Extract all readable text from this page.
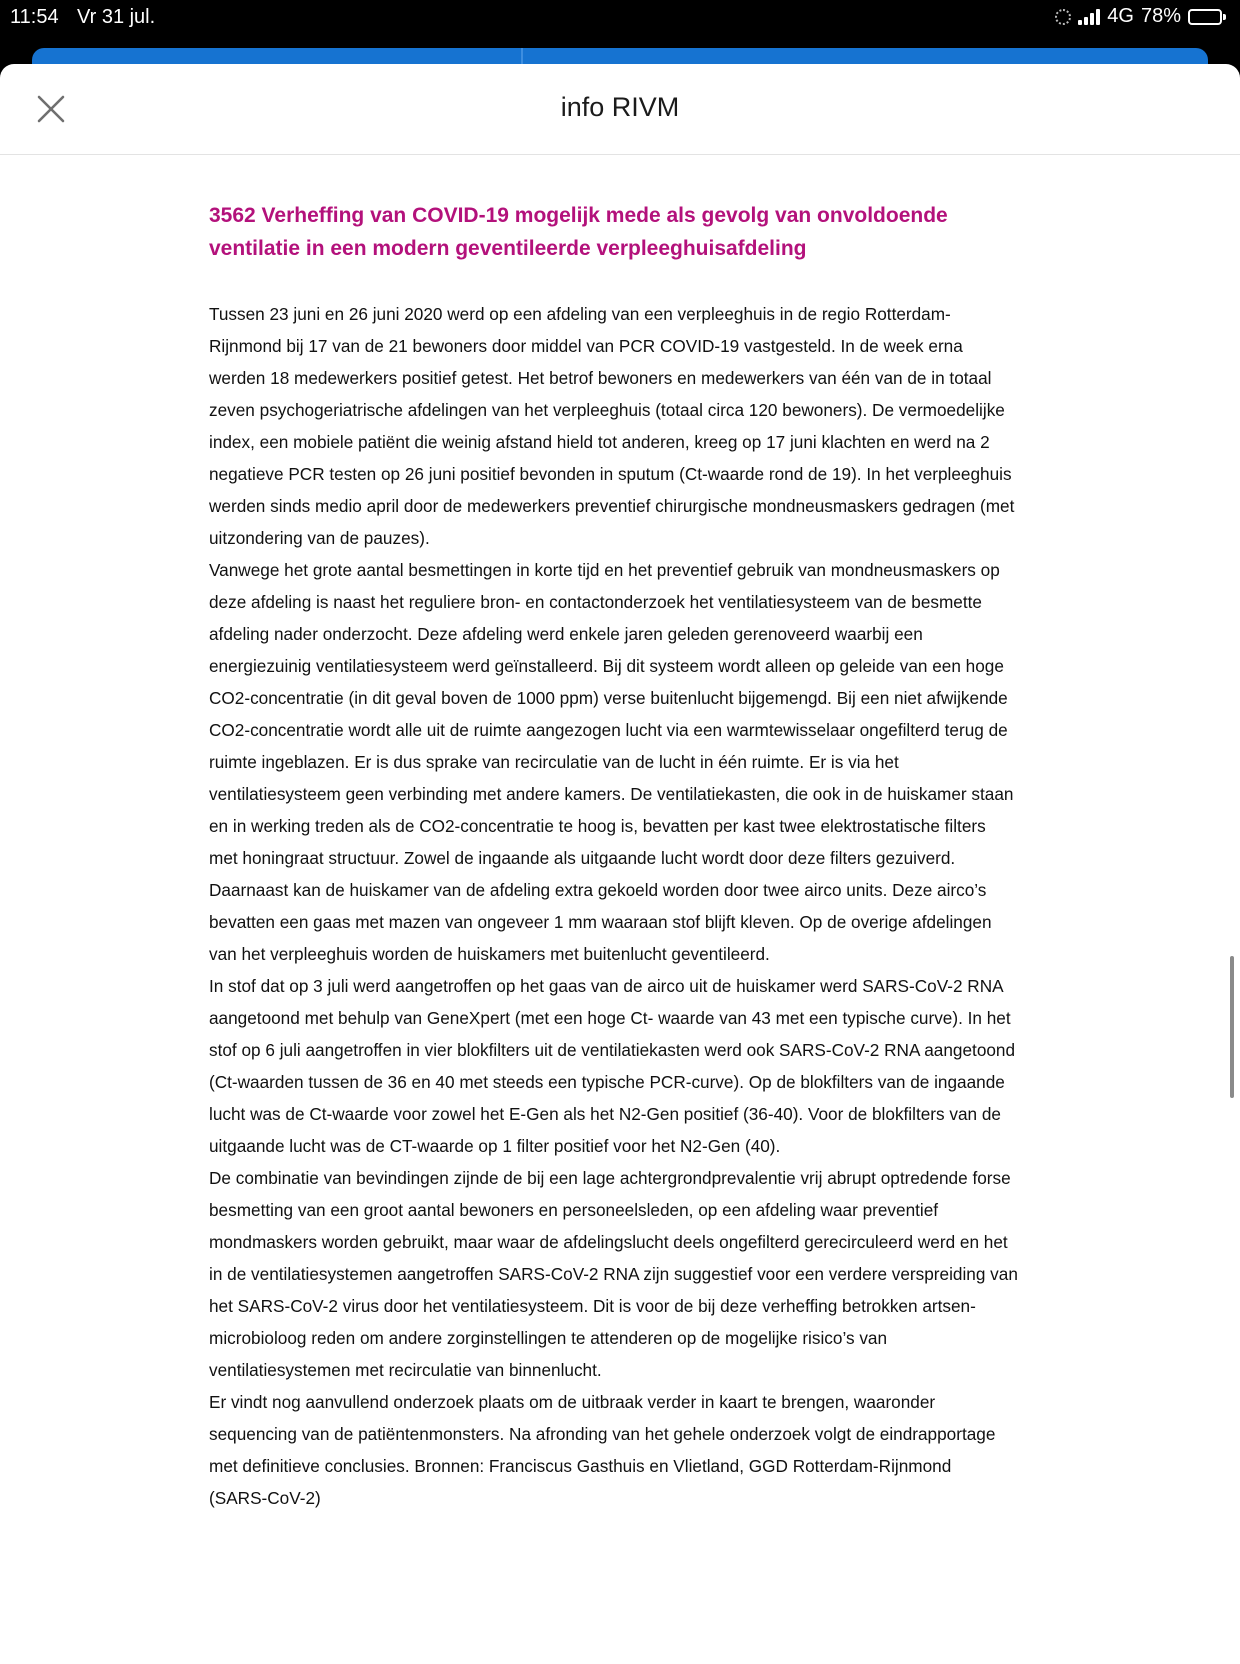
11:54 Vr 31 jul.	4G 78%
info RIVM
3562 Verheffing van COVID-19 mogelijk mede als gevolg van onvoldoende ventilatie in een modern geventileerde verpleeghuisafdeling

Tussen 23 juni en 26 juni 2020 werd op een afdeling van een verpleeghuis in de regio Rotterdam- Rijnmond bij 17 van de 21 bewoners door middel van PCR COVID-19 vastgesteld. In de week erna werden 18 medewerkers positief getest. Het betrof bewoners en medewerkers van één van de in totaal zeven psychogeriatrische afdelingen van het verpleeghuis (totaal circa 120 bewoners). De vermoedelijke index, een mobiele patiënt die weinig afstand hield tot anderen, kreeg op 17 juni klachten en werd na 2 negatieve PCR testen op 26 juni positief bevonden in sputum (Ct-waarde rond de 19). In het verpleeghuis werden sinds medio april door de medewerkers preventief chirurgische mondneusmaskers gedragen (met uitzondering van de pauzes).

Vanwege het grote aantal besmettingen in korte tijd en het preventief gebruik van mondneusmaskers op deze afdeling is naast het reguliere bron- en contactonderzoek het ventilatiesysteem van de besmette afdeling nader onderzocht. Deze afdeling werd enkele jaren geleden gerenoveerd waarbij een energiezuinig ventilatiesysteem werd geïnstalleerd. Bij dit systeem wordt alleen op geleide van een hoge CO2-concentratie (in dit geval boven de 1000 ppm) verse buitenlucht bijgemengd. Bij een niet afwijkende CO2-concentratie wordt alle uit de ruimte aangezogen lucht via een warmtewisselaar ongefilterd terug de ruimte ingeblazen. Er is dus sprake van recirculatie van de lucht in één ruimte. Er is via het ventilatiesysteem geen verbinding met andere kamers. De ventilatiekasten, die ook in de huiskamer staan en in werking treden als de CO2-concentratie te hoog is, bevatten per kast twee elektrostatische filters met honingraat structuur. Zowel de ingaande als uitgaande lucht wordt door deze filters gezuiverd. Daarnaast kan de huiskamer van de afdeling extra gekoeld worden door twee airco units. Deze airco’s bevatten een gaas met mazen van ongeveer 1 mm waaraan stof blijft kleven. Op de overige afdelingen van het verpleeghuis worden de huiskamers met buitenlucht geventileerd.

In stof dat op 3 juli werd aangetroffen op het gaas van de airco uit de huiskamer werd SARS-CoV-2 RNA aangetoond met behulp van GeneXpert (met een hoge Ct- waarde van 43 met een typische curve). In het stof op 6 juli aangetroffen in vier blokfilters uit de ventilatiekasten werd ook SARS-CoV-2 RNA aangetoond (Ct-waarden tussen de 36 en 40 met steeds een typische PCR-curve). Op de blokfilters van de ingaande lucht was de Ct-waarde voor zowel het E-Gen als het N2-Gen positief (36-40). Voor de blokfilters van de uitgaande lucht was de CT-waarde op 1 filter positief voor het N2-Gen (40).

De combinatie van bevindingen zijnde de bij een lage achtergrondprevalentie vrij abrupt optredende forse besmetting van een groot aantal bewoners en personeelsleden, op een afdeling waar preventief mondmaskers worden gebruikt, maar waar de afdelingslucht deels ongefilterd gerecirculeerd werd en het in de ventilatiesystemen aangetroffen SARS-CoV-2 RNA zijn suggestief voor een verdere verspreiding van het SARS-CoV-2 virus door het ventilatiesysteem. Dit is voor de bij deze verheffing betrokken artsen-microbioloog reden om andere zorginstellingen te attenderen op de mogelijke risico’s van ventilatiesystemen met recirculatie van binnenlucht.

Er vindt nog aanvullend onderzoek plaats om de uitbraak verder in kaart te brengen, waaronder sequencing van de patiëntenmonsters. Na afronding van het gehele onderzoek volgt de eindrapportage met definitieve conclusies. Bronnen: Franciscus Gasthuis en Vlietland, GGD Rotterdam-Rijnmond

(SARS-CoV-2)
